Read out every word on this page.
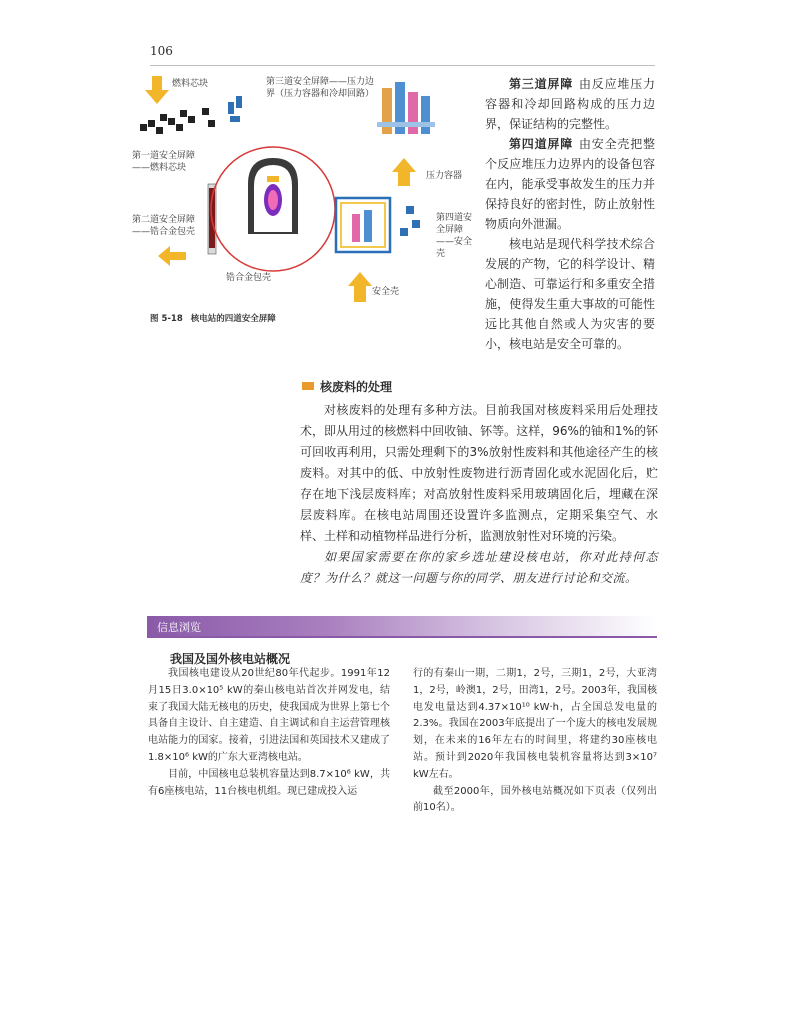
106
燃料芯块
第一道安全屏障——燃料芯块
第二道安全屏障——锆合金包壳
第三道安全屏障——压力边界（压力容器和冷却回路）
压力容器
第四道安全屏障——安全壳
锆合金包壳
安全壳
图 5-18 核电站的四道安全屏障

第三道屏障 由反应堆压力容器和冷却回路构成的压力边界，保证结构的完整性。

第四道屏障 由安全壳把整个反应堆压力边界内的设备包容在内，能承受事故发生的压力并保持良好的密封性，防止放射性物质向外泄漏。

核电站是现代科学技术综合发展的产物，它的科学设计、精心制造、可靠运行和多重安全措施，使得发生重大事故的可能性远比其他自然或人为灾害的要小，核电站是安全可靠的。

核废料的处理

对核废料的处理有多种方法。目前我国对核废料采用后处理技术，即从用过的核燃料中回收铀、钚等。这样，96%的铀和1%的钚可回收再利用，只需处理剩下的3%放射性废料和其他途径产生的核废料。对其中的低、中放射性废物进行沥青固化或水泥固化后，贮存在地下浅层废料库；对高放射性废料采用玻璃固化后，埋藏在深层废料库。在核电站周围还设置许多监测点，定期采集空气、水样、土样和动植物样品进行分析，监测放射性对环境的污染。

如果国家需要在你的家乡选址建设核电站，你对此持何态度？为什么？就这一问题与你的同学、朋友进行讨论和交流。

信息浏览
我国及国外核电站概况

我国核电建设从20世纪80年代起步。1991年12月15日3.0×10⁵ kW的秦山核电站首次并网发电，结束了我国大陆无核电的历史，使我国成为世界上第七个具备自主设计、自主建造、自主调试和自主运营管理核电站能力的国家。接着，引进法国和英国技术又建成了1.8×10⁶ kW的广东大亚湾核电站。

目前，中国核电总装机容量达到8.7×10⁶ kW，共有6座核电站，11台核电机组。现已建成投入运

行的有秦山一期，二期1，2号，三期1，2号，大亚湾1，2号，岭澳1，2号，田湾1，2号。2003年，我国核电发电量达到4.37×10¹⁰ kW·h，占全国总发电量的2.3%。我国在2003年底提出了一个庞大的核电发展规划，在未来的16年左右的时间里，将建约30座核电站。预计到2020年我国核电装机容量将达到3×10⁷ kW左右。

截至2000年，国外核电站概况如下页表（仅列出前10名）。
